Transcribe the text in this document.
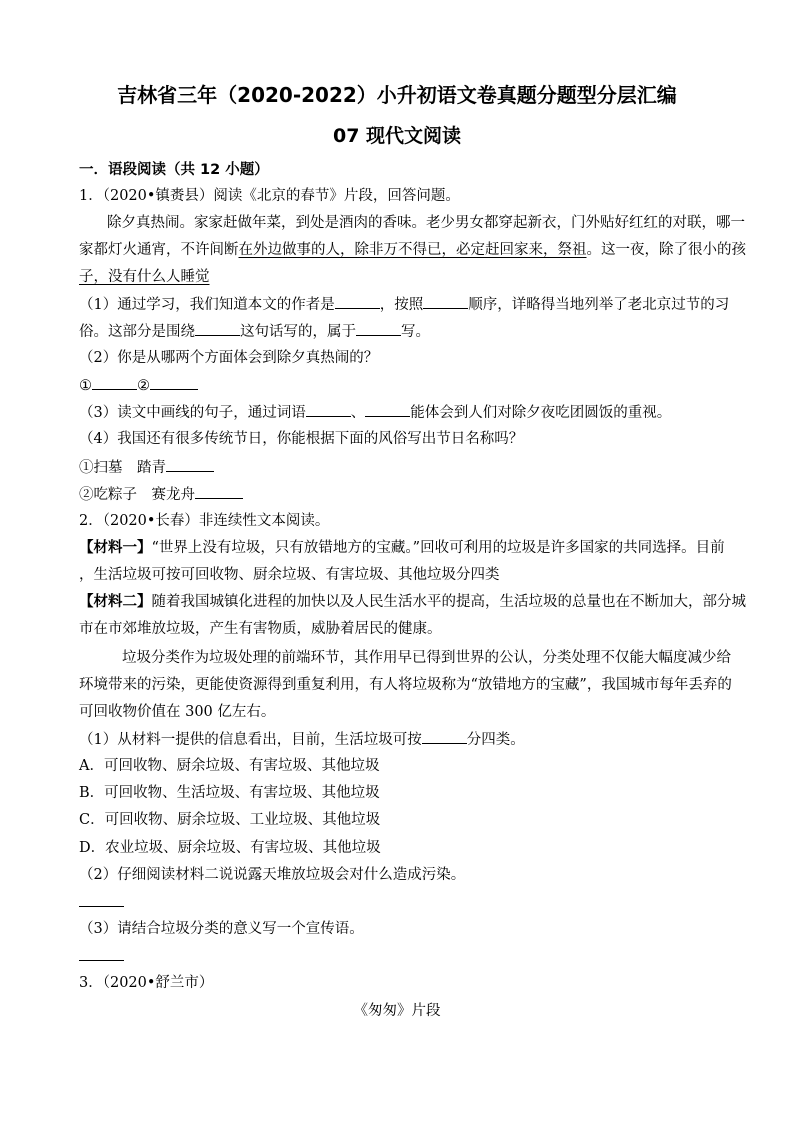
吉林省三年（2020-2022）小升初语文卷真题分题型分层汇编
07 现代文阅读
一．语段阅读（共 12 小题）
1．（2020•镇赉县）阅读《北京的春节》片段，回答问题。
除夕真热闹。家家赶做年菜，到处是酒肉的香味。老少男女都穿起新衣，门外贴好红红的对联，哪一
家都灯火通宵，不许间断在外边做事的人，除非万不得已，必定赶回家来，祭祖。这一夜，除了很小的孩
子，没有什么人睡觉
（1）通过学习，我们知道本文的作者是	，按照	顺序，详略得当地列举了老北京过节的习
俗。这部分是围绕	这句话写的，属于	写。
（2）你是从哪两个方面体会到除夕真热闹的？
①	②
（3）读文中画线的句子，通过词语	、	能体会到人们对除夕夜吃团圆饭的重视。
（4）我国还有很多传统节日，你能根据下面的风俗写出节日名称吗？
①扫墓　踏青
②吃粽子　赛龙舟
2．（2020•长春）非连续性文本阅读。
【材料一】“世界上没有垃圾，只有放错地方的宝藏。”回收可利用的垃圾是许多国家的共同选择。目前
，生活垃圾可按可回收物、厨余垃圾、有害垃圾、其他垃圾分四类
【材料二】随着我国城镇化进程的加快以及人民生活水平的提高，生活垃圾的总量也在不断加大，部分城
市在市郊堆放垃圾，产生有害物质，威胁着居民的健康。
垃圾分类作为垃圾处理的前端环节，其作用早已得到世界的公认，分类处理不仅能大幅度减少给
环境带来的污染，更能使资源得到重复利用，有人将垃圾称为“放错地方的宝藏”，我国城市每年丢弃的
可回收物价值在 300 亿左右。
（1）从材料一提供的信息看出，目前，生活垃圾可按	分四类。
A．可回收物、厨余垃圾、有害垃圾、其他垃圾
B．可回收物、生活垃圾、有害垃圾、其他垃圾
C．可回收物、厨余垃圾、工业垃圾、其他垃圾
D．农业垃圾、厨余垃圾、有害垃圾、其他垃圾
（2）仔细阅读材料二说说露天堆放垃圾会对什么造成污染。
（3）请结合垃圾分类的意义写一个宣传语。
3．（2020•舒兰市）
《匆匆》片段
